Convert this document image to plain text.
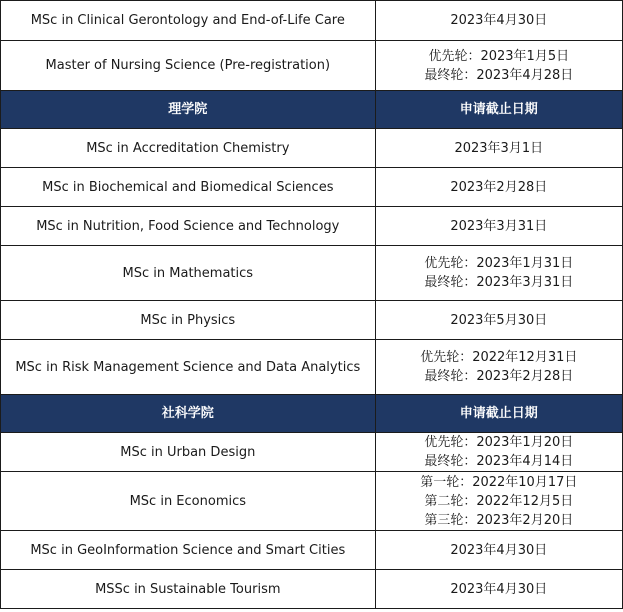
MSc in Clinical Gerontology and End-of-Life Care	2023年4月30日

Master of Nursing Science (Pre-registration)	优先轮：2023年1月5日
最终轮：2023年4月28日

理学院	申请截止日期
MSc in Accreditation Chemistry	2023年3月1日

MSc in Biochemical and Biomedical Sciences	2023年2月28日

MSc in Nutrition, Food Science and Technology	2023年3月31日

MSc in Mathematics	优先轮：2023年1月31日
最终轮：2023年3月31日

MSc in Physics	2023年5月30日

MSc in Risk Management Science and Data Analytics	优先轮：2022年12月31日
最终轮：2023年2月28日

社科学院	申请截止日期
MSc in Urban Design	优先轮：2023年1月20日
最终轮：2023年4月14日

MSc in Economics	第一轮：2022年10月17日
第二轮：2022年12月5日
第三轮：2023年2月20日

MSc in GeoInformation Science and Smart Cities	2023年4月30日

MSSc in Sustainable Tourism	2023年4月30日
